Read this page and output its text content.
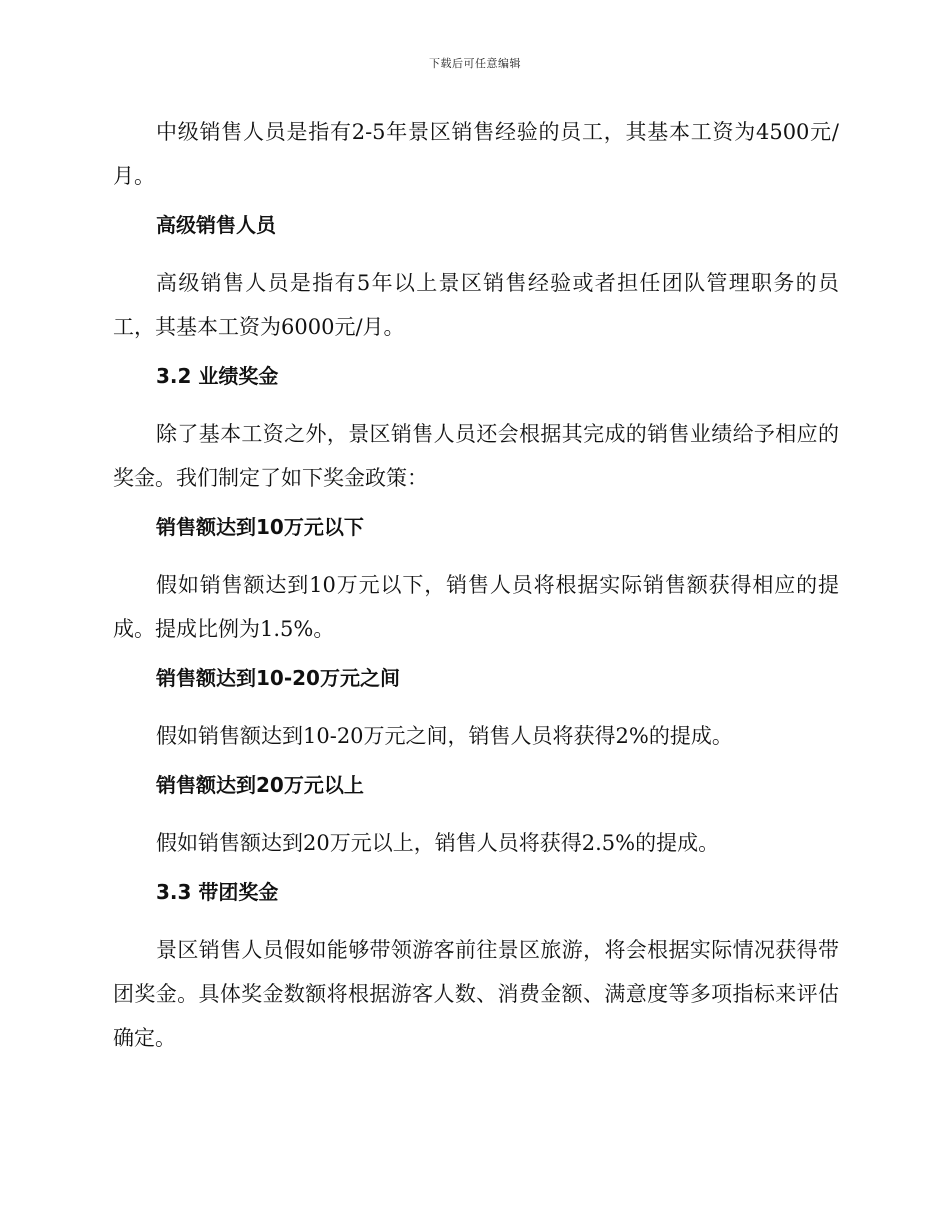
下载后可任意编辑

中级销售人员是指有2-5年景区销售经验的员工，其基本工资为4500元/月。

高级销售人员

高级销售人员是指有5年以上景区销售经验或者担任团队管理职务的员工，其基本工资为6000元/月。

3.2 业绩奖金

除了基本工资之外，景区销售人员还会根据其完成的销售业绩给予相应的奖金。我们制定了如下奖金政策：

销售额达到10万元以下

假如销售额达到10万元以下，销售人员将根据实际销售额获得相应的提成。提成比例为1.5%。

销售额达到10-20万元之间

假如销售额达到10-20万元之间，销售人员将获得2%的提成。

销售额达到20万元以上

假如销售额达到20万元以上，销售人员将获得2.5%的提成。

3.3 带团奖金

景区销售人员假如能够带领游客前往景区旅游，将会根据实际情况获得带团奖金。具体奖金数额将根据游客人数、消费金额、满意度等多项指标来评估确定。
